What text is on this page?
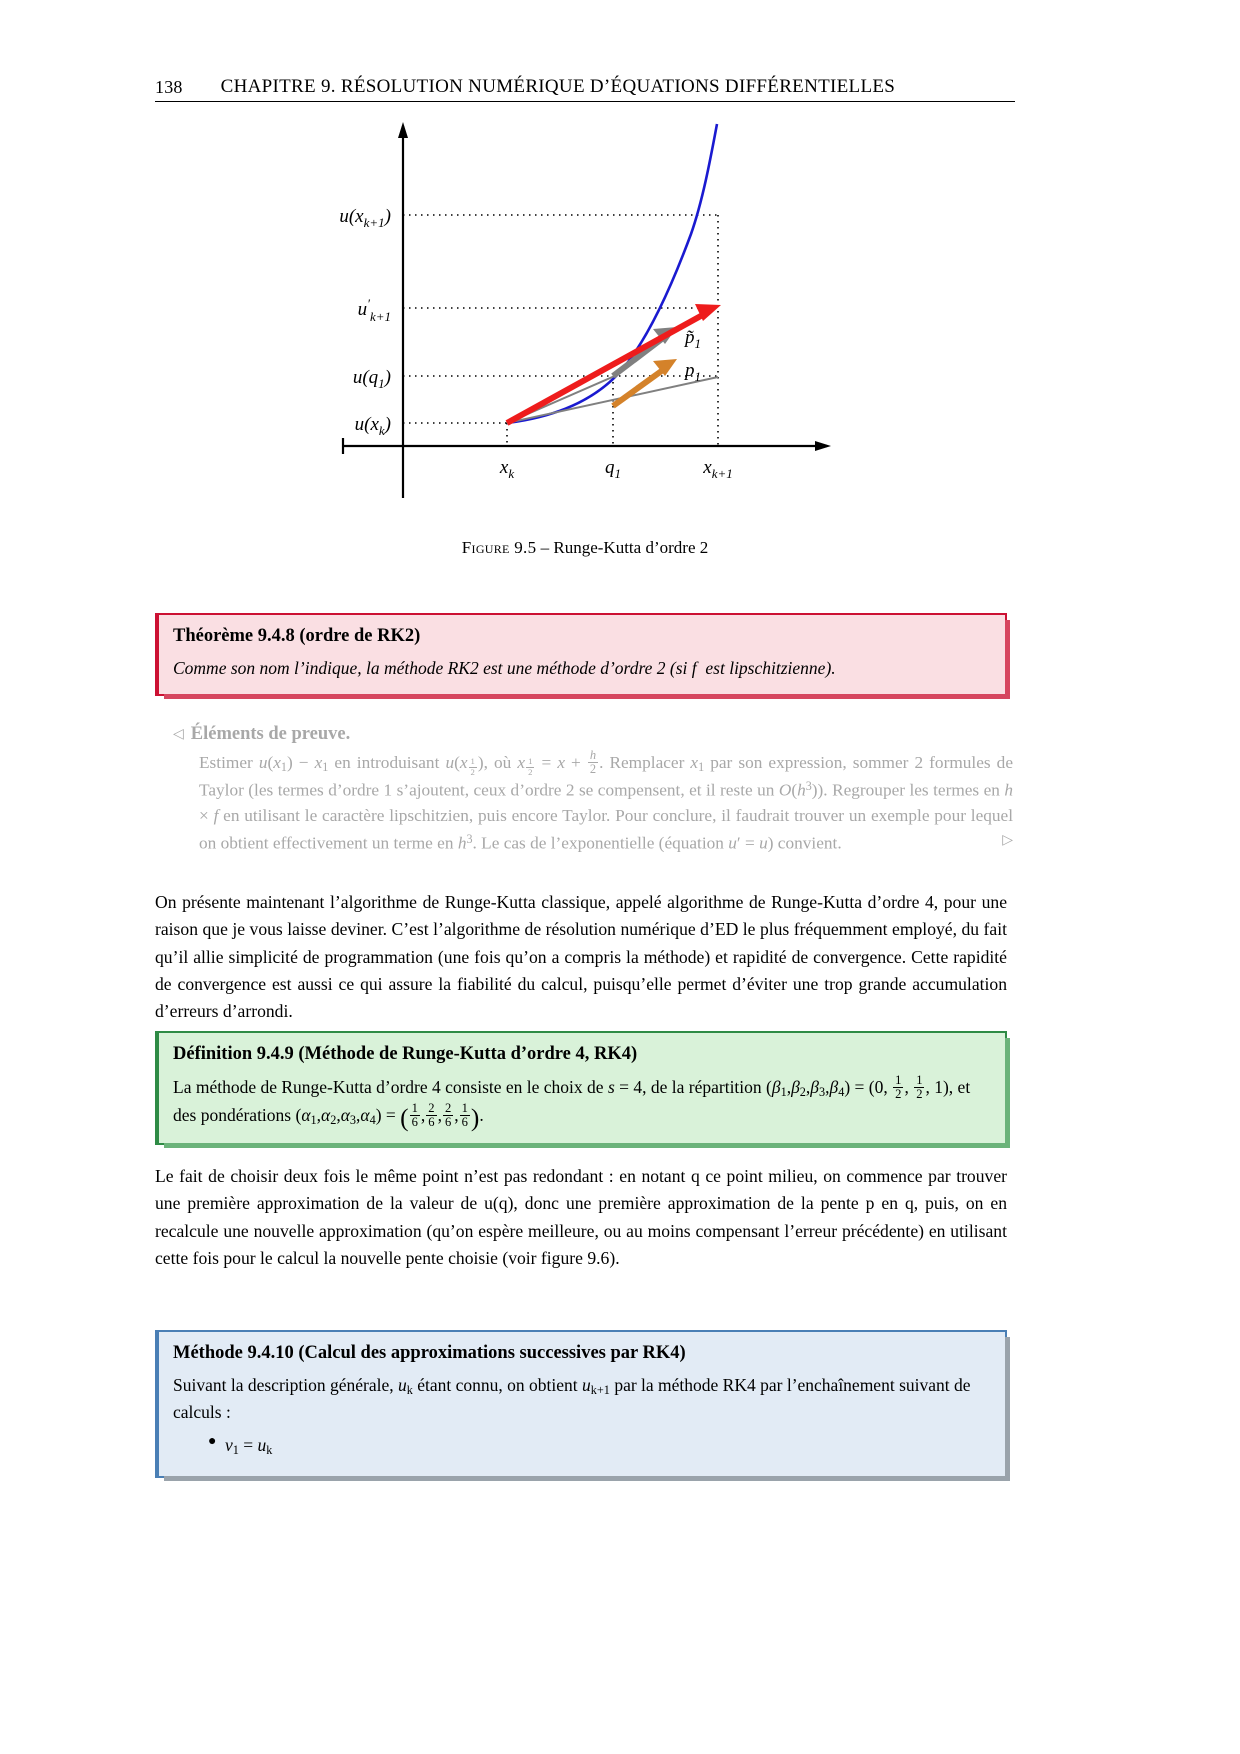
138 CHAPITRE 9. RÉSOLUTION NUMÉRIQUE D’ÉQUATIONS DIFFÉRENTIELLES
$u(x_{k+1})$
$u'_{k+1}$
$u(q_1)$
$u(x_k)$
$x_k$	$q_1$	$x_{k+1}$
$p̃_1$
$p_1$
Figure 9.5 – Runge-Kutta d’ordre 2
Théorème 9.4.8 (ordre de RK2)
Comme son nom l’indique, la méthode RK2 est une méthode d’ordre 2 (si f  est lipschitzienne).
◁ Éléments de preuve.
Estimer $u(x_1) - x_1$ en introduisant u(x $_{\frac{1}{2}}$ ), où x $_{\frac{1}{2}} = x + \frac{h}{2}$ . Remplacer $x_1$ par son expression, sommer 2 formules de Taylor (les termes d’ordre 1 s’ajoutent, ceux d’ordre 2 se compensent, et il reste un $O(h^3)$). Regrouper les termes en h × f en utilisant le caractère lipschitzien, puis encore Taylor. Pour conclure, il faudrait trouver un exemple pour lequel on obtient effectivement un terme en $h^3$. Le cas de l’exponentielle (équation u′ = u) convient.	▷
On présente maintenant l’algorithme de Runge-Kutta classique, appelé algorithme de Runge-Kutta d’ordre 4, pour une raison que je vous laisse deviner. C’est l’algorithme de résolution numérique d’ED le plus fréquemment employé, du fait qu’il allie simplicité de programmation (une fois qu’on a compris la méthode) et rapidité de convergence. Cette rapidité de convergence est aussi ce qui assure la fiabilité du calcul, puisqu’elle permet d’éviter une trop grande accumulation d’erreurs d’arrondi.
Définition 9.4.9 (Méthode de Runge-Kutta d’ordre 4, RK4)
La méthode de Runge-Kutta d’ordre 4 consiste en le choix de s = 4, de la répartition $(\beta_1,\beta_2,\beta_3,\beta_4) = (0$, $\frac{1}{2}$ , $\frac{1}{2}$ , 1), et des pondérations $(\alpha_1,\alpha_2,\alpha_3,\alpha_4)$ = ( $\frac{1}{6}$ , $\frac{2}{6}$ , $\frac{2}{6}$ , $\frac{1}{6}$ ).
Le fait de choisir deux fois le même point n’est pas redondant : en notant q ce point milieu, on commence par trouver une première approximation de la valeur de u(q), donc une première approximation de la pente p en q, puis, on en recalcule une nouvelle approximation (qu’on espère meilleure, ou au moins compensant l’erreur précédente) en utilisant cette fois pour le calcul la nouvelle pente choisie (voir figure 9.6).
Méthode 9.4.10 (Calcul des approximations successives par RK4)
Suivant la description générale, $u_k$ étant connu, on obtient $u_{k+1}$ par la méthode RK4 par l’enchaînement suivant de calculs :
● $v_1 = u_k$
